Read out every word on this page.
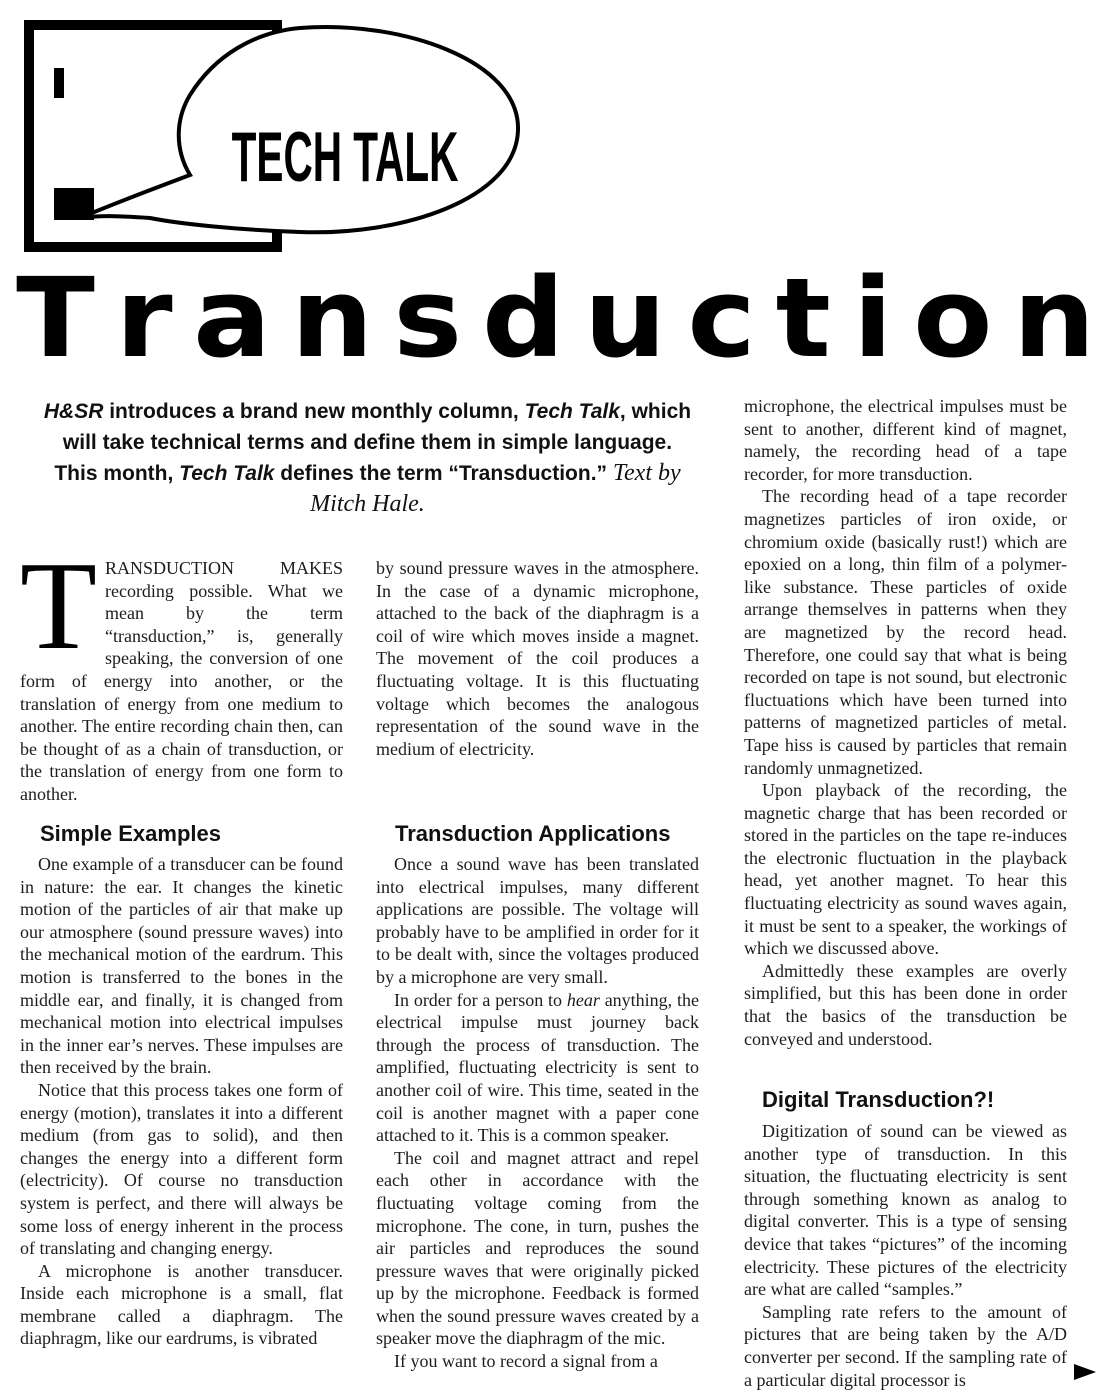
TECH TALK
T r a n s d u c t i o n
H&SR introduces a brand new monthly column, Tech Talk, which will take technical terms and define them in simple language. This month, Tech Talk defines the term “Transduction.” Text by Mitch Hale.

TRANSDUCTION MAKES recording possible. What we mean by the term “transduction,” is, generally speaking, the conversion of one form of energy into another, or the translation of energy from one medium to another. The entire recording chain then, can be thought of as a chain of transduction, or the translation of energy from one form to another.

Simple Examples

One example of a transducer can be found in nature: the ear. It changes the kinetic motion of the particles of air that make up our atmosphere (sound pressure waves) into the mechanical motion of the eardrum. This motion is transferred to the bones in the middle ear, and finally, it is changed from mechanical motion into electrical impulses in the inner ear’s nerves. These impulses are then received by the brain.

Notice that this process takes one form of energy (motion), translates it into a different medium (from gas to solid), and then changes the energy into a different form (electricity). Of course no transduction system is perfect, and there will always be some loss of energy inherent in the process of translating and changing energy.

A microphone is another transducer. Inside each microphone is a small, flat membrane called a diaphragm. The diaphragm, like our eardrums, is vibrated

by sound pressure waves in the atmosphere. In the case of a dynamic microphone, attached to the back of the diaphragm is a coil of wire which moves inside a magnet. The movement of the coil produces a fluctuating voltage. It is this fluctuating voltage which becomes the analogous representation of the sound wave in the medium of electricity.

Transduction Applications

Once a sound wave has been translated into electrical impulses, many different applications are possible. The voltage will probably have to be amplified in order for it to be dealt with, since the voltages produced by a microphone are very small.

In order for a person to hear anything, the electrical impulse must journey back through the process of transduction. The amplified, fluctuating electricity is sent to another coil of wire. This time, seated in the coil is another magnet with a paper cone attached to it. This is a common speaker.

The coil and magnet attract and repel each other in accordance with the fluctuating voltage coming from the microphone. The cone, in turn, pushes the air particles and reproduces the sound pressure waves that were originally picked up by the microphone. Feedback is formed when the sound pressure waves created by a speaker move the diaphragm of the mic.

If you want to record a signal from a

microphone, the electrical impulses must be sent to another, different kind of magnet, namely, the recording head of a tape recorder, for more transduction.

The recording head of a tape recorder magnetizes particles of iron oxide, or chromium oxide (basically rust!) which are epoxied on a long, thin film of a polymer-like substance. These particles of oxide arrange themselves in patterns when they are magnetized by the record head. Therefore, one could say that what is being recorded on tape is not sound, but electronic fluctuations which have been turned into patterns of magnetized particles of metal. Tape hiss is caused by particles that remain randomly unmagnetized.

Upon playback of the recording, the magnetic charge that has been recorded or stored in the particles on the tape re-induces the electronic fluctuation in the playback head, yet another magnet. To hear this fluctuating electricity as sound waves again, it must be sent to a speaker, the workings of which we discussed above.

Admittedly these examples are overly simplified, but this has been done in order that the basics of the transduction be conveyed and understood.

Digital Transduction?!

Digitization of sound can be viewed as another type of transduction. In this situation, the fluctuating electricity is sent through something known as analog to digital converter. This is a type of sensing device that takes “pictures” of the incoming electricity. These pictures of the electricity are what are called “samples.”

Sampling rate refers to the amount of pictures that are being taken by the A/D converter per second. If the sampling rate of a particular digital processor is
